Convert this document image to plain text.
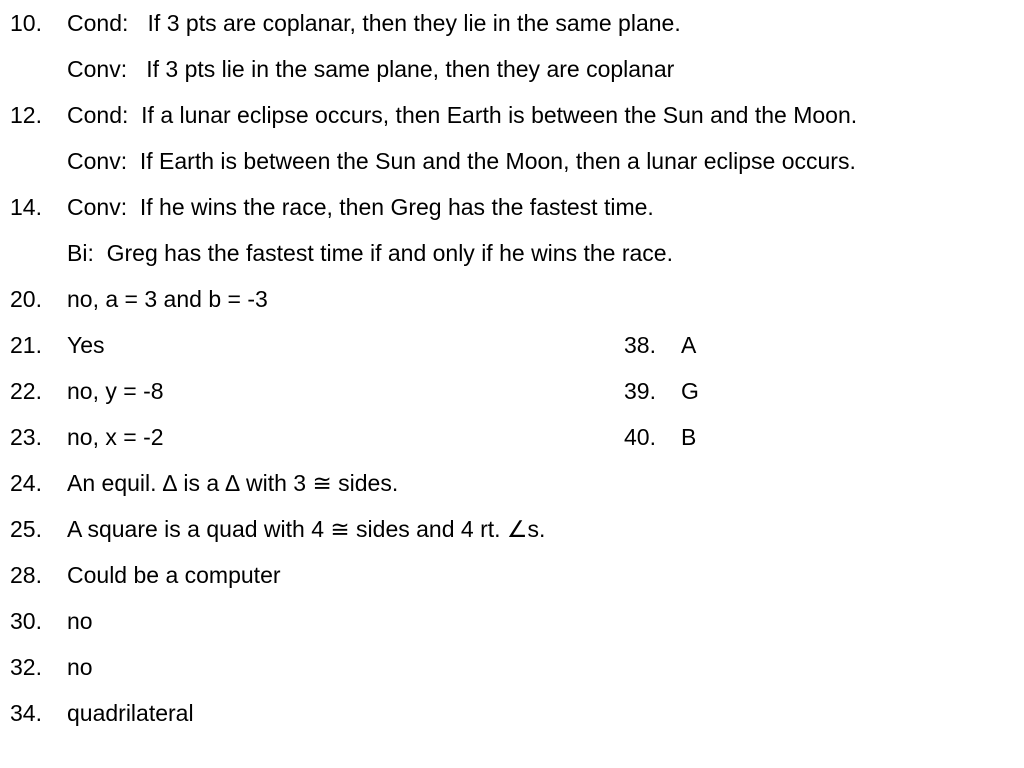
10. Cond:   If 3 pts are coplanar, then they lie in the same plane.
Conv:   If 3 pts lie in the same plane, then they are coplanar
12. Cond:  If a lunar eclipse occurs, then Earth is between the Sun and the Moon.
Conv:  If Earth is between the Sun and the Moon, then a lunar eclipse occurs.
14. Conv:  If he wins the race, then Greg has the fastest time.
Bi:  Greg has the fastest time if and only if he wins the race.
20. no, a = 3 and b = -3
21. Yes
22. no, y = -8
23. no, x = -2
24. An equil. ∆ is a ∆ with 3 ≅ sides.
25. A square is a quad with 4 ≅ sides and 4 rt. ∠s.
28. Could be a computer
30. no
32. no
34. quadrilateral
38. A
39. G
40. B
